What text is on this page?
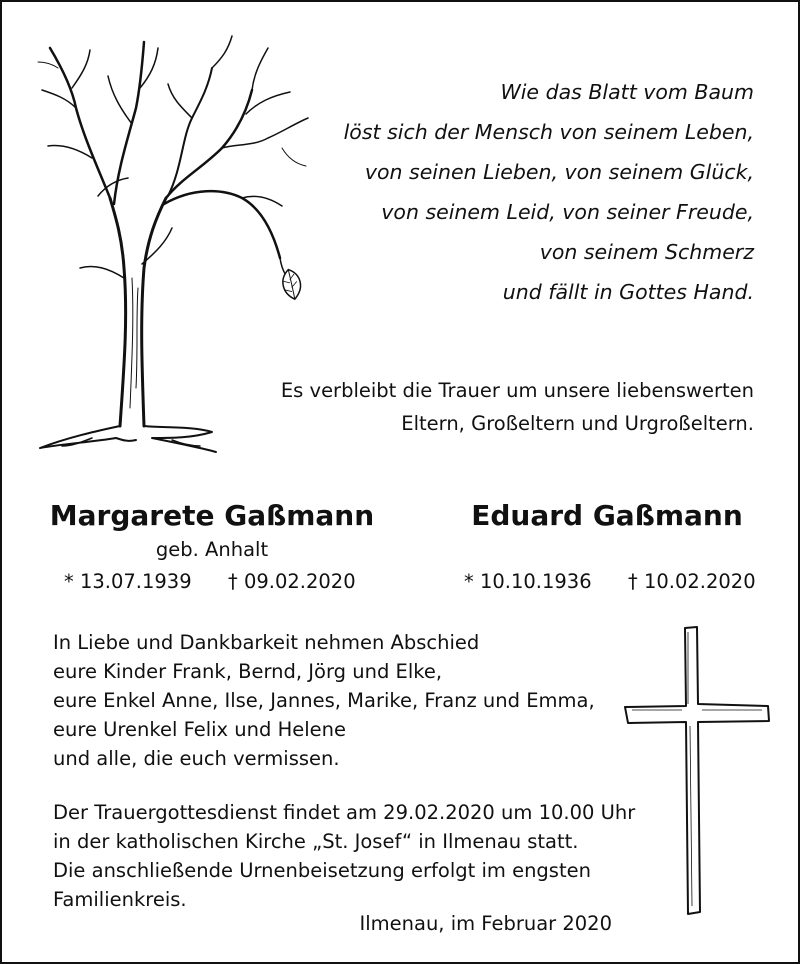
Wie das Blatt vom Baum
löst sich der Mensch von seinem Leben,
von seinen Lieben, von seinem Glück,
von seinem Leid, von seiner Freude,
von seinem Schmerz
und fällt in Gottes Hand.
Es verbleibt die Trauer um unsere liebenswerten
Eltern, Großeltern und Urgroßeltern.
Margarete Gaßmann
geb. Anhalt
* 13.07.1939	† 09.02.2020
Eduard Gaßmann
* 10.10.1936	† 10.02.2020
In Liebe und Dankbarkeit nehmen Abschied
eure Kinder Frank, Bernd, Jörg und Elke,
eure Enkel Anne, Ilse, Jannes, Marike, Franz und Emma,
eure Urenkel Felix und Helene
und alle, die euch vermissen.
Der Trauergottesdienst findet am 29.02.2020 um 10.00 Uhr
in der katholischen Kirche „St. Josef“ in Ilmenau statt.
Die anschließende Urnenbeisetzung erfolgt im engsten
Familienkreis.
Ilmenau, im Februar 2020
